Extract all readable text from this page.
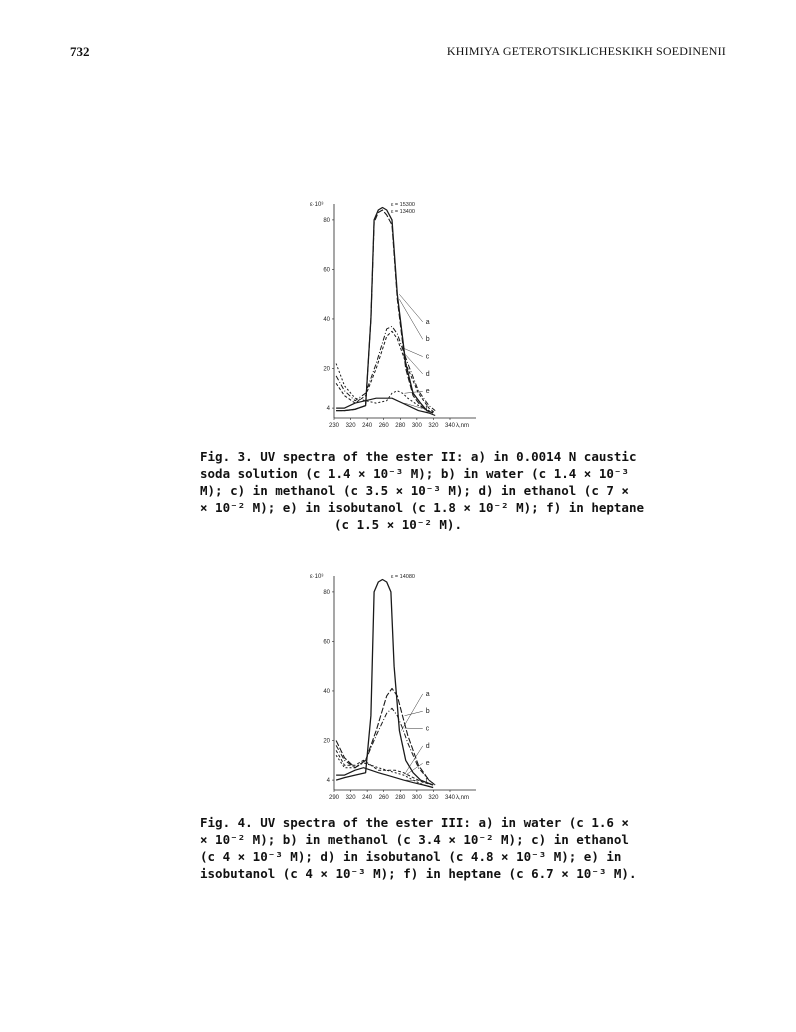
732	KHIMIYA GETEROTSIKLICHESKIKH SOEDINENII
ε·10³
4
20
40
60
80
230 320 240 260 280 300 320 340 λ,nm
a
b
c
d
e
f
ε = 15300
ε = 13400
Fig. 3. UV spectra of the ester II: a) in 0.0014 N caustic
soda solution (c 1.4 × 10⁻³ M); b) in water (c 1.4 × 10⁻³
M); c) in methanol (c 3.5 × 10⁻³ M); d) in ethanol (c 7 ×
× 10⁻² M); e) in isobutanol (c 1.8 × 10⁻² M); f) in heptane
(c 1.5 × 10⁻² M).
ε·10³
4
20
40
60
80
290 320 240 260 280 300 320 340 λ,nm
a
b
c
d
e
f
ε = 14080
Fig. 4. UV spectra of the ester III: a) in water (c 1.6 ×
× 10⁻² M); b) in methanol (c 3.4 × 10⁻² M); c) in ethanol
(c 4 × 10⁻³ M); d) in isobutanol (c 4.8 × 10⁻³ M); e) in
isobutanol (c 4 × 10⁻³ M); f) in heptane (c 6.7 × 10⁻³ M).
